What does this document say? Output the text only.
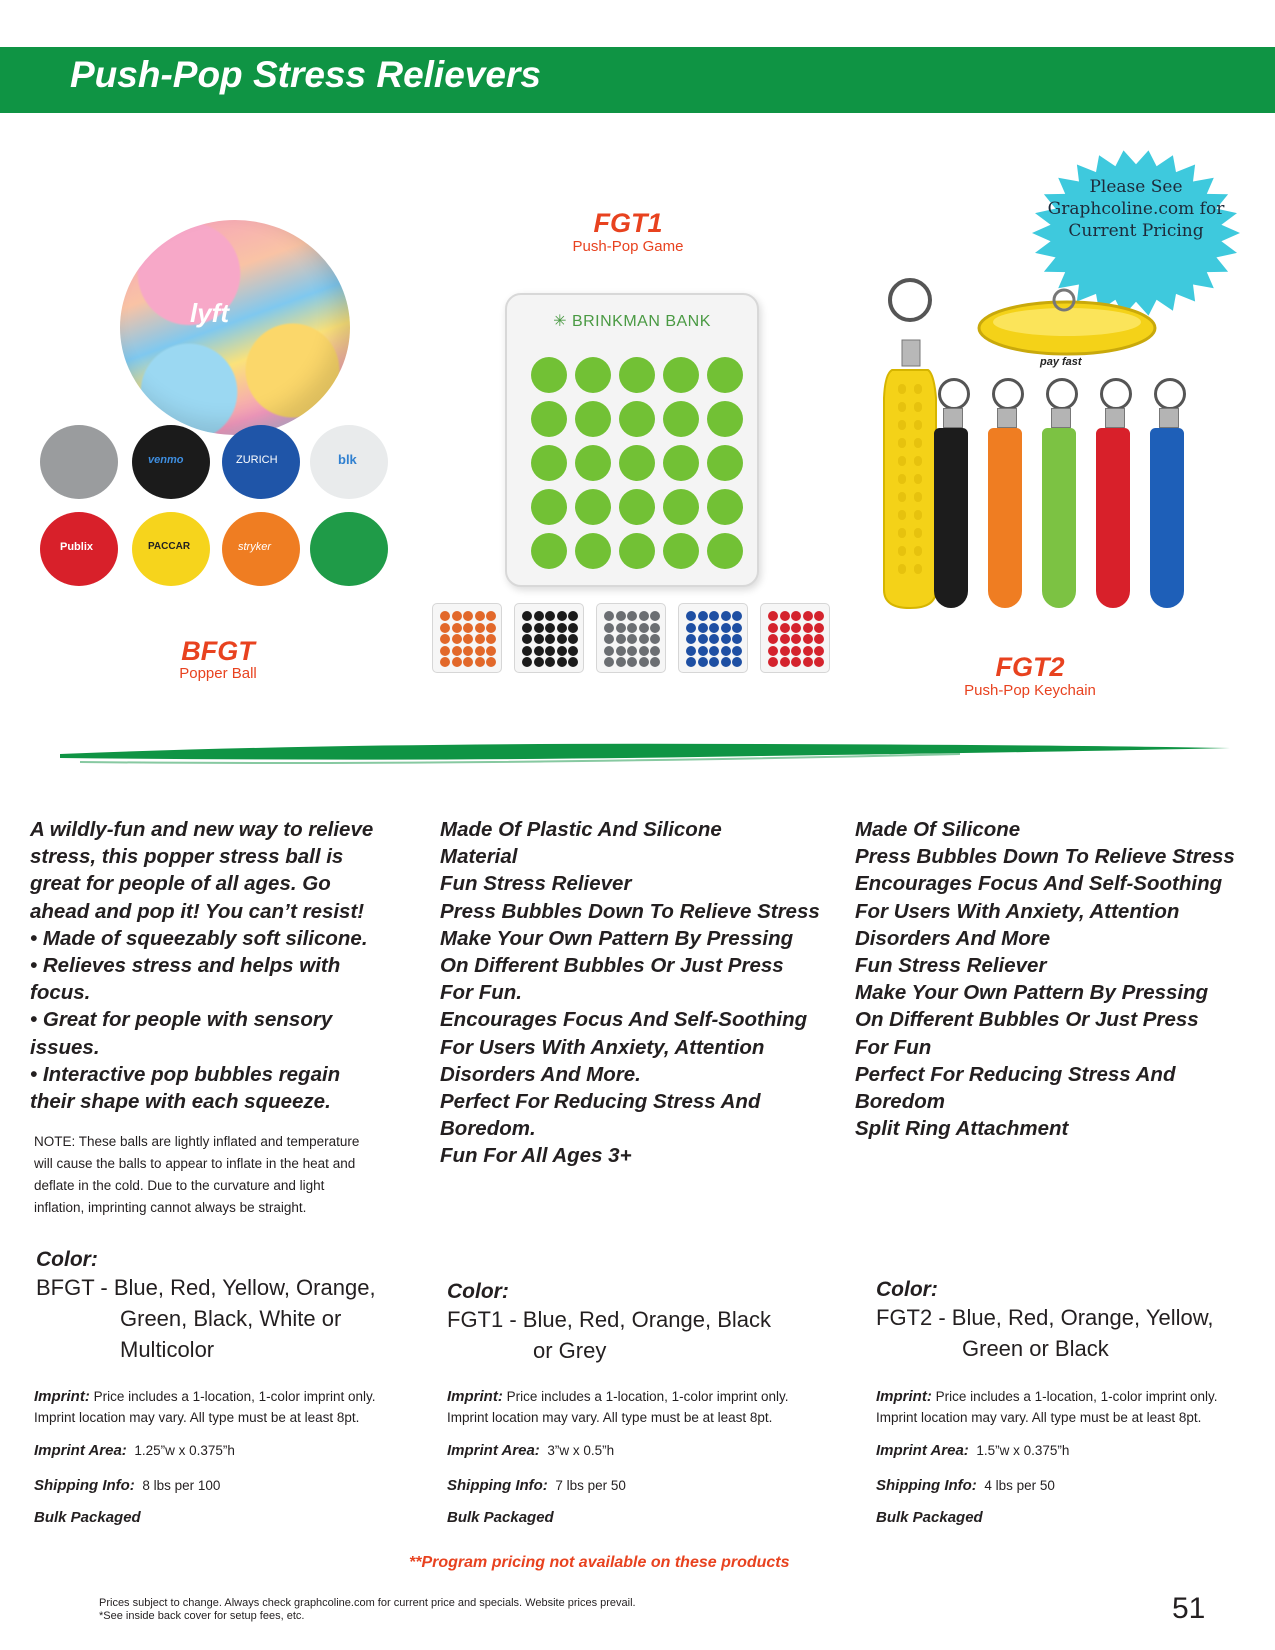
Push-Pop Stress Relievers
Please See
Graphcoline.com for
Current Pricing
lyft
venmo	ZURICH	blk
Publix	PACCAR	stryker
BFGT
Popper Ball
FGT1
Push-Pop Game
✳ BRINKMAN BANK
pay fast
FGT2
Push-Pop Keychain
A wildly-fun and new way to relieve
stress, this popper stress ball is
great for people of all ages. Go
ahead and pop it! You can’t resist!
• Made of squeezably soft silicone.
• Relieves stress and helps with
focus.
• Great for people with sensory
issues.
• Interactive pop bubbles regain
their shape with each squeeze.
Made Of Plastic And Silicone
Material
Fun Stress Reliever
Press Bubbles Down To Relieve Stress
Make Your Own Pattern By Pressing
On Different Bubbles Or Just Press
For Fun.
Encourages Focus And Self-Soothing
For Users With Anxiety, Attention
Disorders And More.
Perfect For Reducing Stress And
Boredom.
Fun For All Ages 3+
Made Of Silicone
Press Bubbles Down To Relieve Stress
Encourages Focus And Self-Soothing
For Users With Anxiety, Attention
Disorders And More
Fun Stress Reliever
Make Your Own Pattern By Pressing
On Different Bubbles Or Just Press
For Fun
Perfect For Reducing Stress And
Boredom
Split Ring Attachment
NOTE: These balls are lightly inflated and temperature
will cause the balls to appear to inflate in the heat and
deflate in the cold. Due to the curvature and light
inflation, imprinting cannot always be straight.
Color:
BFGT - Blue, Red, Yellow, Orange,
Green, Black, White or
Multicolor
Color:
FGT1 - Blue, Red, Orange, Black
or Grey
Color:
FGT2 - Blue, Red, Orange, Yellow,
Green or Black
Imprint: Price includes a 1-location, 1-color imprint only.
Imprint location may vary. All type must be at least 8pt.
Imprint Area: 1.25”w x 0.375”h
Shipping Info: 8 lbs per 100
Bulk Packaged
Imprint: Price includes a 1-location, 1-color imprint only.
Imprint location may vary. All type must be at least 8pt.
Imprint Area: 3”w x 0.5”h
Shipping Info: 7 lbs per 50
Bulk Packaged
Imprint: Price includes a 1-location, 1-color imprint only.
Imprint location may vary. All type must be at least 8pt.
Imprint Area: 1.5”w x 0.375”h
Shipping Info: 4 lbs per 50
Bulk Packaged
**Program pricing not available on these products
Prices subject to change. Always check graphcoline.com for current price and specials. Website prices prevail.
*See inside back cover for setup fees, etc.	51
